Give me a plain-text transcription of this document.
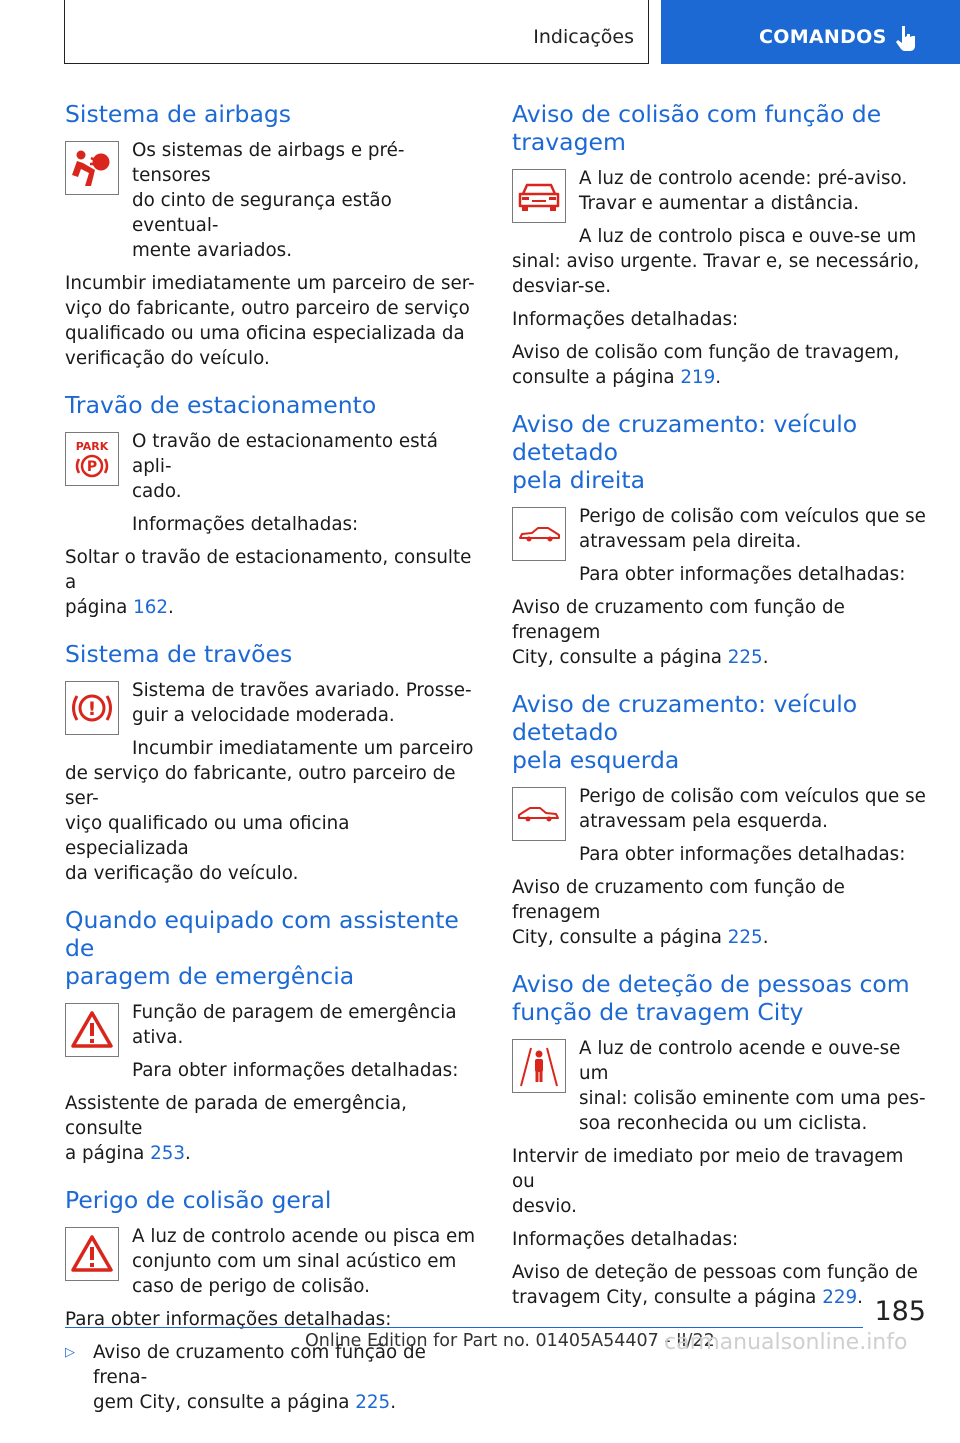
Indicações	COMANDOS
Sistema de airbags

Os sistemas de airbags e pré-tensores
do cinto de segurança estão eventual-
mente avariados.

Incumbir imediatamente um parceiro de ser-
viço do fabricante, outro parceiro de serviço
qualificado ou uma oficina especializada da
verificação do veículo.

Travão de estacionamento
PARK
P

O travão de estacionamento está apli-
cado.

Informações detalhadas:

Soltar o travão de estacionamento, consulte a
página 162.

Sistema de travões
!

Sistema de travões avariado. Prosse-
guir a velocidade moderada.

Incumbir imediatamente um parceiro

de serviço do fabricante, outro parceiro de ser-
viço qualificado ou uma oficina especializada
da verificação do veículo.

Quando equipado com assistente de
paragem de emergência

Função de paragem de emergência
ativa.

Para obter informações detalhadas:

Assistente de parada de emergência, consulte
a página 253.

Perigo de colisão geral

A luz de controlo acende ou pisca em
conjunto com um sinal acústico em
caso de perigo de colisão.

Para obter informações detalhadas:

▷ Aviso de cruzamento com função de frena-
gem City, consulte a página 225.

Aviso de colisão com função de
travagem

A luz de controlo acende: pré-aviso.
Travar e aumentar a distância.

A luz de controlo pisca e ouve-se um

sinal: aviso urgente. Travar e, se necessário,
desviar-se.

Informações detalhadas:

Aviso de colisão com função de travagem,
consulte a página 219.

Aviso de cruzamento: veículo detetado
pela direita

Perigo de colisão com veículos que se
atravessam pela direita.

Para obter informações detalhadas:

Aviso de cruzamento com função de frenagem
City, consulte a página 225.

Aviso de cruzamento: veículo detetado
pela esquerda

Perigo de colisão com veículos que se
atravessam pela esquerda.

Para obter informações detalhadas:

Aviso de cruzamento com função de frenagem
City, consulte a página 225.

Aviso de deteção de pessoas com
função de travagem City

A luz de controlo acende e ouve-se um
sinal: colisão eminente com uma pes-
soa reconhecida ou um ciclista.

Intervir de imediato por meio de travagem ou
desvio.

Informações detalhadas:

Aviso de deteção de pessoas com função de
travagem City, consulte a página 229. 185
Online Edition for Part no. 01405A54407 - II/22
carmanualsonline.info
